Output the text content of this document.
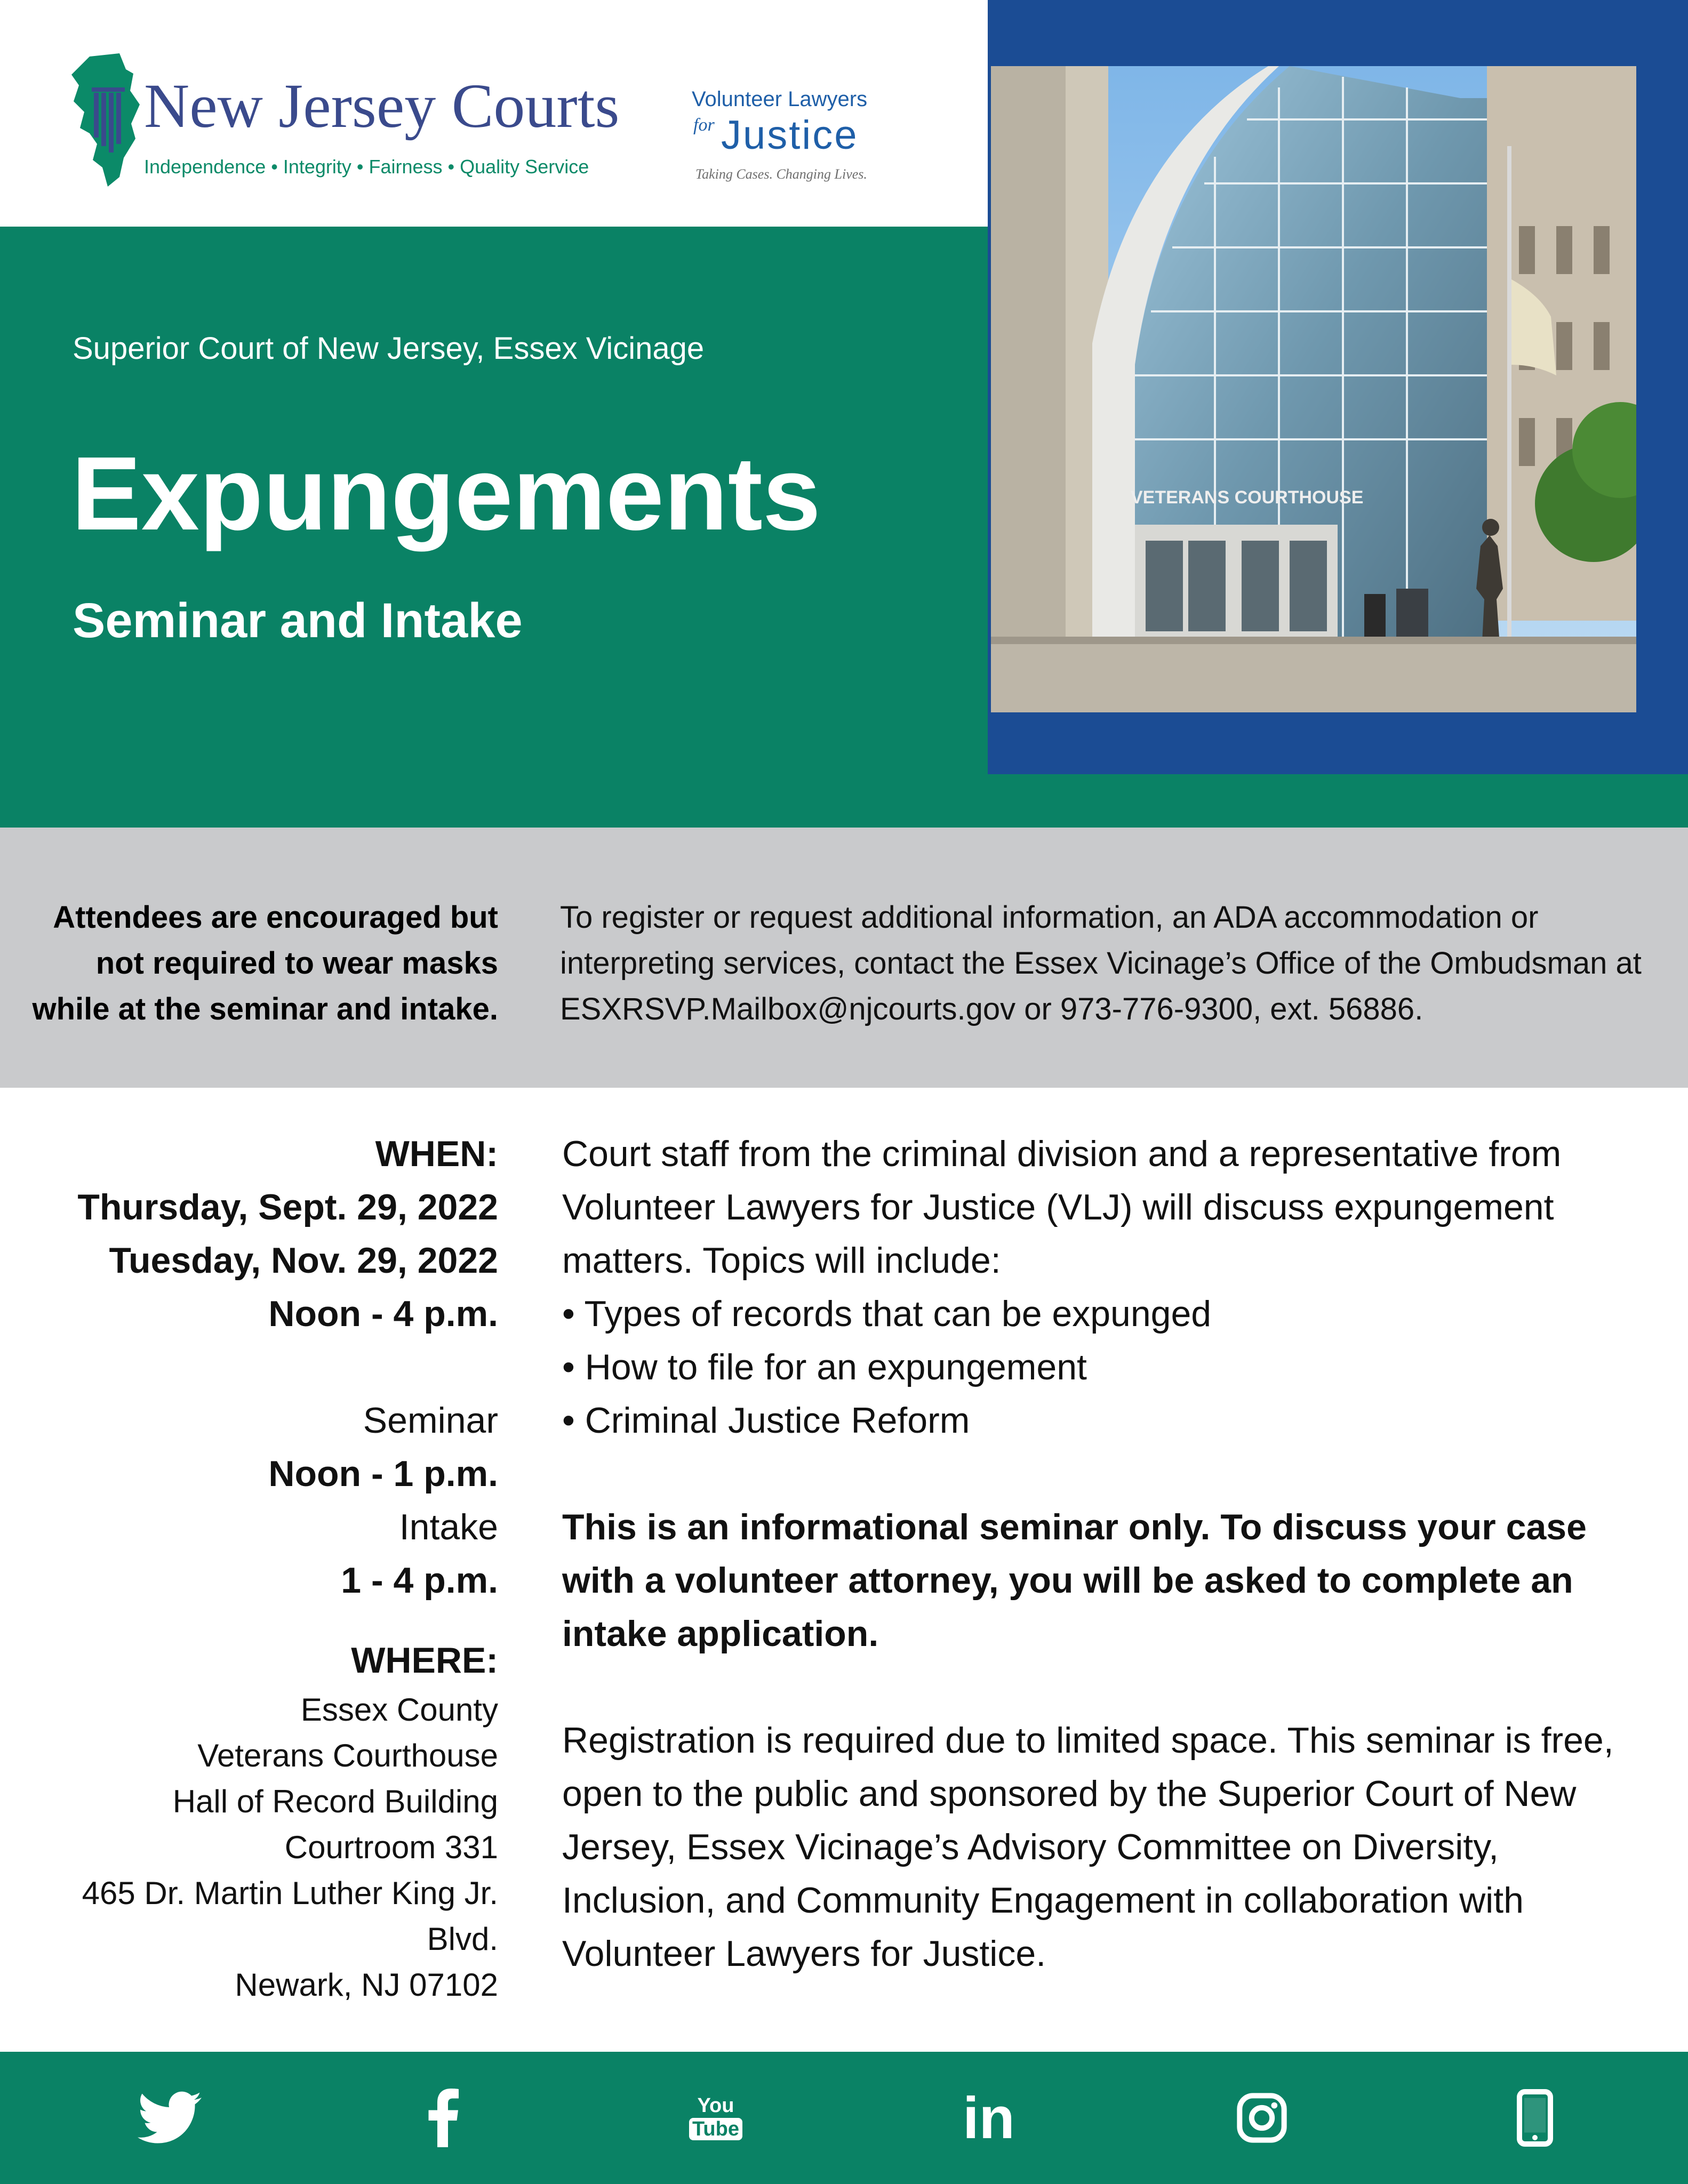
New Jersey Courts
Independence • Integrity • Fairness • Quality Service
Volunteer Lawyers
for Justice
Taking Cases. Changing Lives.
Superior Court of New Jersey, Essex Vicinage
Expungements
Seminar and Intake
VETERANS COURTHOUSE
Attendees are encouraged but not required to wear masks while at the seminar and intake.
To register or request additional information, an ADA accommodation or interpreting services, contact the Essex Vicinage’s Office of the Ombudsman at ESXRSVP.Mailbox@njcourts.gov or 973-776-9300, ext. 56886.
WHEN:
Thursday, Sept. 29, 2022
Tuesday, Nov. 29, 2022
Noon - 4 p.m.
Seminar
Noon - 1 p.m.
Intake
1 - 4 p.m.
WHERE:
Essex County
Veterans Courthouse
Hall of Record Building
Courtroom 331
465 Dr. Martin Luther King Jr. Blvd.
Newark, NJ 07102
Court staff from the criminal division and a representative from Volunteer Lawyers for Justice (VLJ) will discuss expungement matters. Topics will include:
• Types of records that can be expunged
• How to file for an expungement
• Criminal Justice Reform
This is an informational seminar only. To discuss your case with a volunteer attorney, you will be asked to complete an intake application.
Registration is required due to limited space. This seminar is free, open to the public and sponsored by the Superior Court of New Jersey, Essex Vicinage’s Advisory Committee on Diversity, Inclusion, and Community Engagement in collaboration with Volunteer Lawyers for Justice.
You
Tube	in
